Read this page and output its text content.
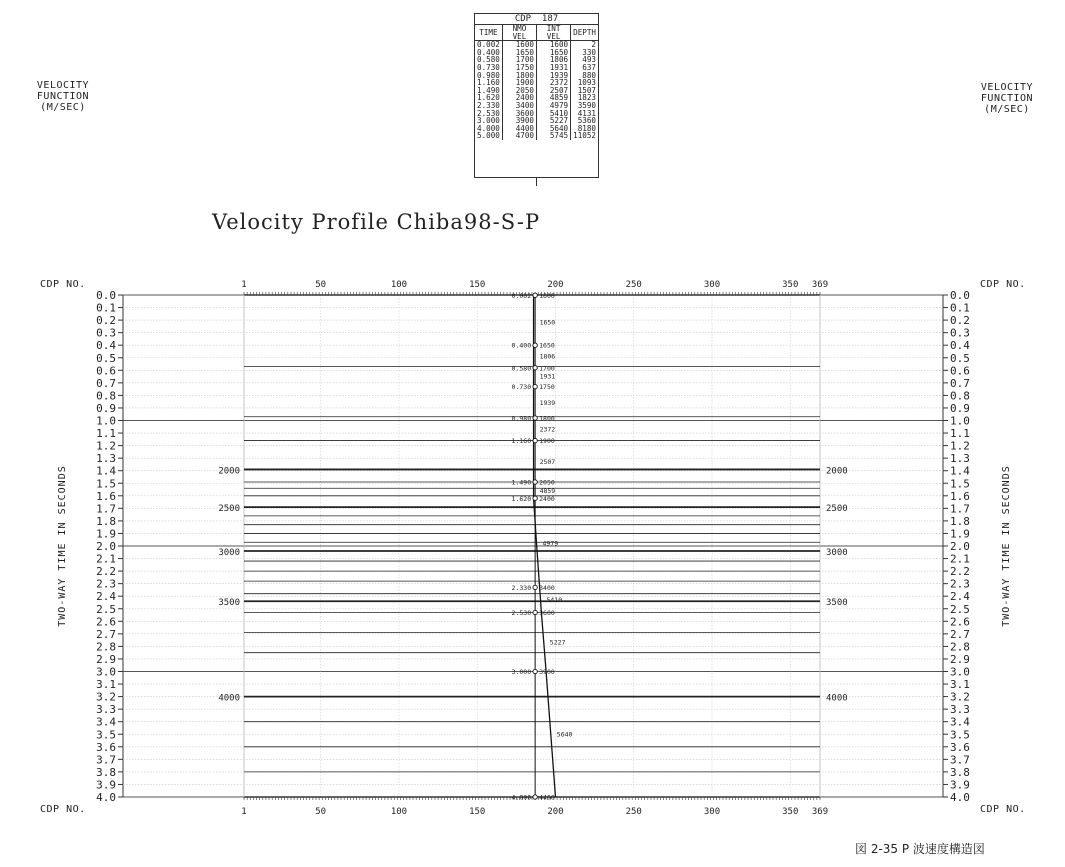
VELOCITY
FUNCTION
(M/SEC)
VELOCITY
FUNCTION
(M/SEC)
CDP  187
TIME	NMO VEL	INT VEL	DEPTH
0.002	1600	1600	2
0.400	1650	1650	330
0.580	1700	1806	493
0.730	1750	1931	637
0.980	1800	1939	880
1.160	1900	2372	1093
1.490	2050	2507	1507
1.620	2400	4859	1823
2.330	3400	4979	3590
2.530	3600	5410	4131
3.000	3900	5227	5360
4.000	4400	5640	8180
5.000	4700	5745	11052
Velocity Profile Chiba98-S-P
CDP NO.	CDP NO.
CDP NO.	CDP NO.
0.0	0.0
0.1	0.1
0.2	0.2
0.3	0.3
0.4	0.4
0.5	0.5
0.6	0.6
0.7	0.7
0.8	0.8
0.9	0.9
1.0	1.0
1.1	1.1
1.2	1.2
1.3	1.3
1.4	1.4
1.5	1.5
1.6	1.6
1.7	1.7
1.8	1.8
1.9	1.9
2.0	2.0
2.1	2.1
2.2	2.2
2.3	2.3
2.4	2.4
2.5	2.5
2.6	2.6
2.7	2.7
2.8	2.8
2.9	2.9
3.0	3.0
3.1	3.1
3.2	3.2
3.3	3.3
3.4	3.4
3.5	3.5
3.6	3.6
3.7	3.7
3.8	3.8
3.9	3.9
4.0	4.0
1
1
50
50
100
100
150
150
200
200
250
250
300
300
350
350
369
369
2000	2000
2500	2500
3000	3000
3500	3500
4000	4000
0.002 1600
0.400 1650
0.580 1700
0.730 1750
0.980 1800
1.160 1900
1.490 2050
1.620 2400
2.330 3400
2.530 3600
3.000 3900
4.000 4400
1650
1806
1931
1939
2372
2507
4859
4979
5410
5227
5640
TWO-WAY TIME IN SECONDS	TWO-WAY TIME IN SECONDS
図 2-35 P 波速度構造図
